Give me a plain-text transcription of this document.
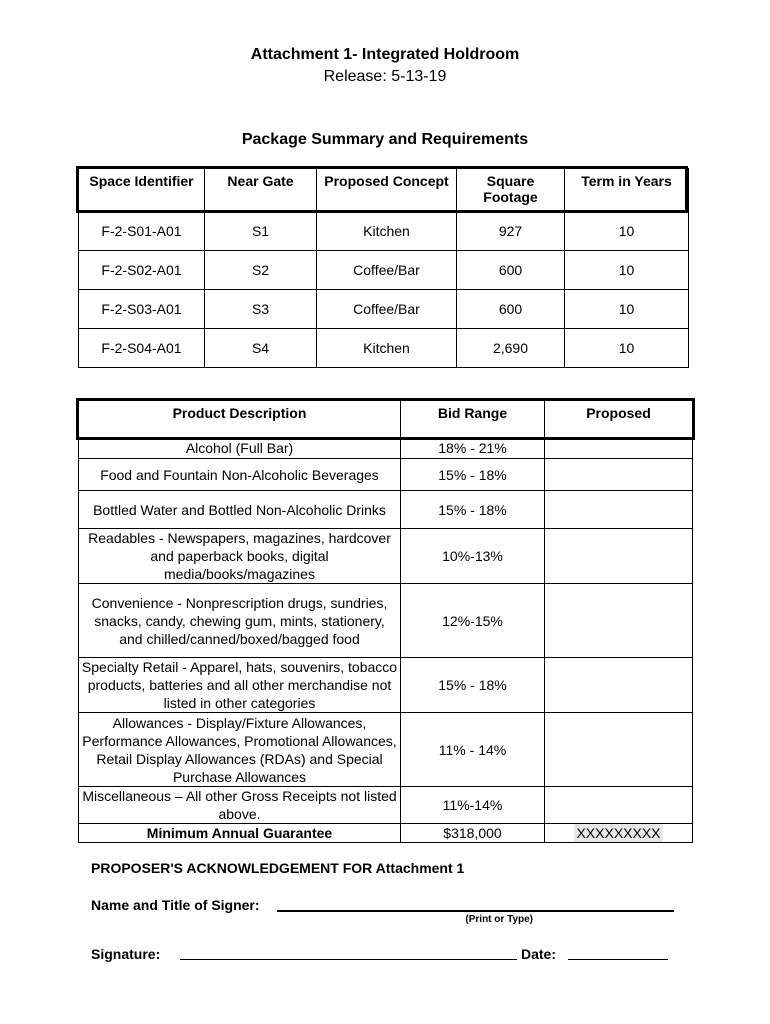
Attachment 1- Integrated Holdroom
Release: 5-13-19
Package Summary and Requirements
Space Identifier	Near Gate	Proposed Concept	Square Footage	Term in Years
F-2-S01-A01	S1	Kitchen	927	10
F-2-S02-A01	S2	Coffee/Bar	600	10
F-2-S03-A01	S3	Coffee/Bar	600	10
F-2-S04-A01	S4	Kitchen	2,690	10
Product Description	Bid Range	Proposed
Alcohol (Full Bar)	18% - 21%	
Food and Fountain Non-Alcoholic Beverages	15% - 18%	
Bottled Water and Bottled Non-Alcoholic Drinks	15% - 18%	
Readables - Newspapers, magazines, hardcover and paperback books, digital media/books/magazines	10%-13%	
Convenience - Nonprescription drugs, sundries, snacks, candy, chewing gum, mints, stationery, and chilled/canned/boxed/bagged food	12%-15%	
Specialty Retail - Apparel, hats, souvenirs, tobacco products, batteries and all other merchandise not listed in other categories	15% - 18%	
Allowances - Display/Fixture Allowances, Performance Allowances, Promotional Allowances, Retail Display Allowances (RDAs) and Special Purchase Allowances	11% - 14%	
Miscellaneous – All other Gross Receipts not listed above.	11%-14%	
Minimum Annual Guarantee	$318,000	XXXXXXXXX
PROPOSER'S ACKNOWLEDGEMENT FOR Attachment 1
Name and Title of Signer:
(Print or Type)
Signature:	Date:
